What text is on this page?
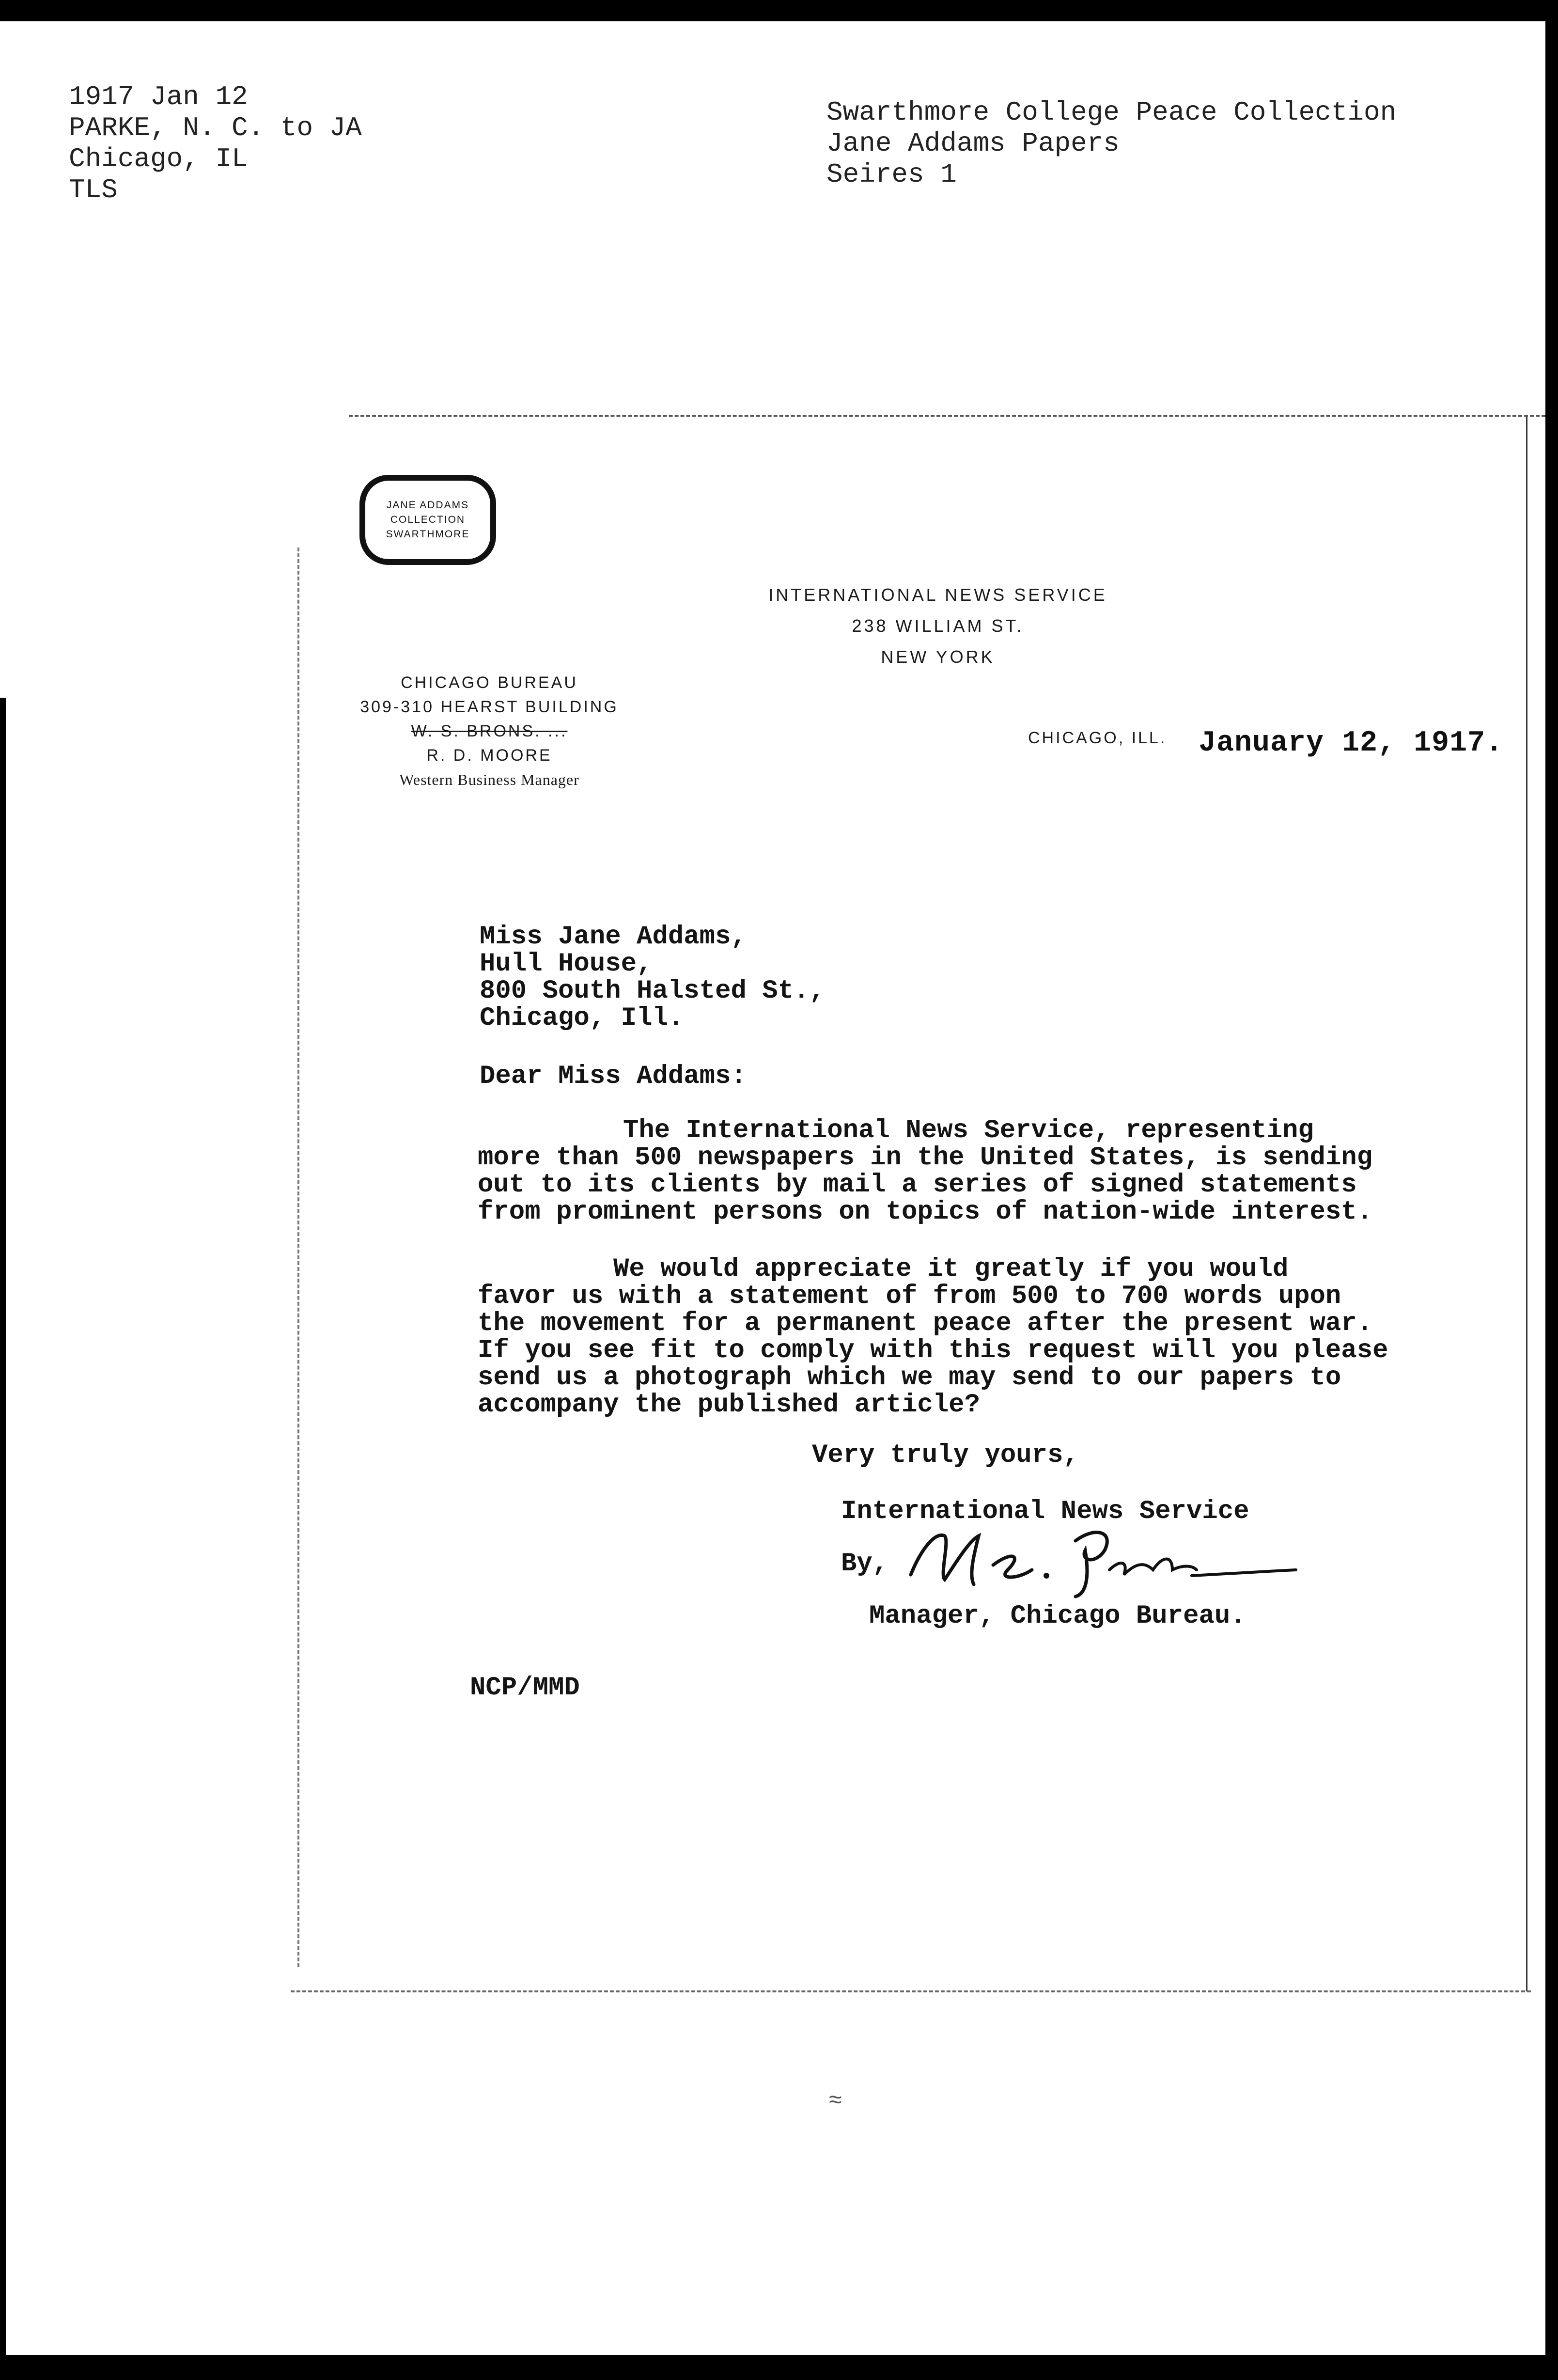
1917 Jan 12
PARKE, N. C. to JA
Chicago, IL
TLS
Swarthmore College Peace Collection
Jane Addams Papers
Seires 1
JANE ADDAMS
COLLECTION
SWARTHMORE
INTERNATIONAL NEWS SERVICE
238 WILLIAM ST.
NEW YORK
CHICAGO BUREAU
309-310 HEARST BUILDING
W. S. BRONS. ...
R. D. MOORE
Western Business Manager
CHICAGO, ILL. January 12, 1917.
Miss Jane Addams,
Hull House,
800 South Halsted St.,
Chicago, Ill.
Dear Miss Addams:
The International News Service, representing
more than 500 newspapers in the United States, is sending
out to its clients by mail a series of signed statements
from prominent persons on topics of nation-wide interest.
We would appreciate it greatly if you would
favor us with a statement of from 500 to 700 words upon
the movement for a permanent peace after the present war.
If you see fit to comply with this request will you please
send us a photograph which we may send to our papers to
accompany the published article?
Very truly yours,
International News Service
By,
Manager, Chicago Bureau.
NCP/MMD
≈
